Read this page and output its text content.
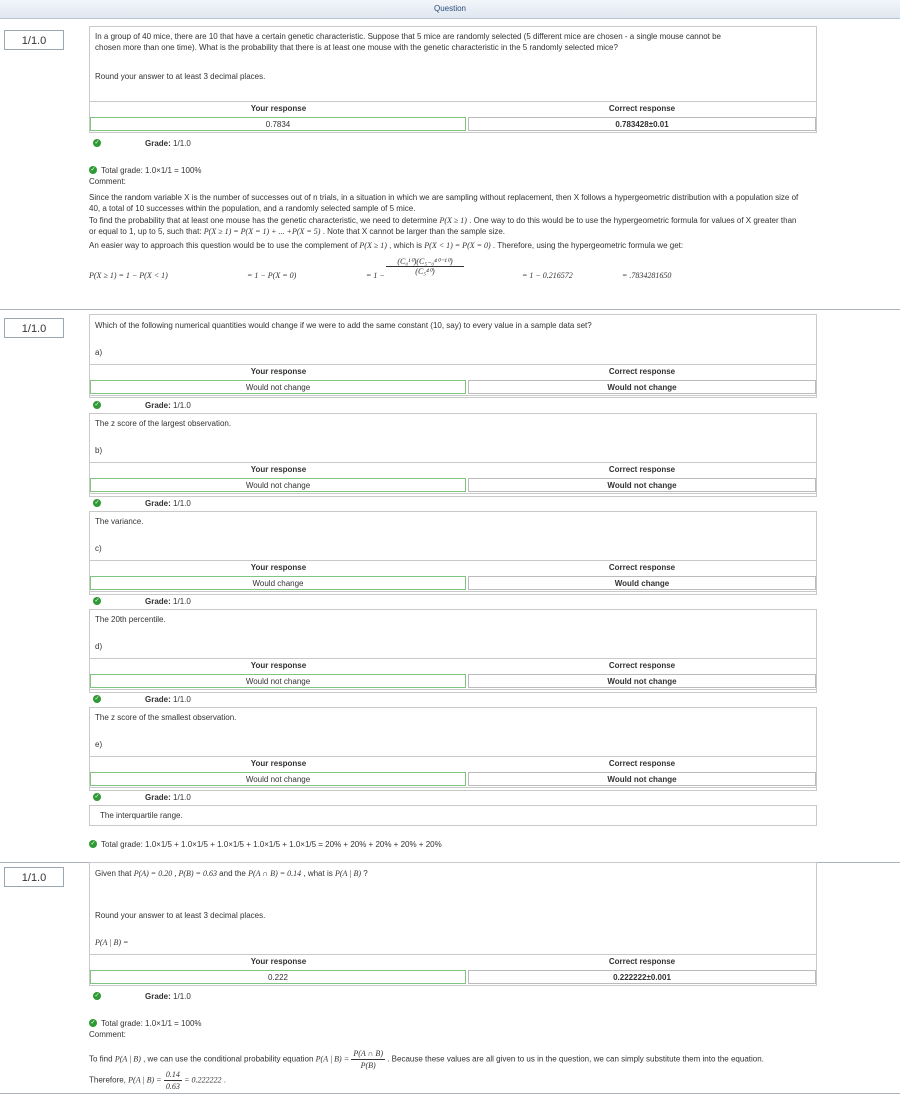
Question
1/1.0	In a group of 40 mice, there are 10 that have a certain genetic characteristic. Suppose that 5 mice are randomly selected (5 different mice are chosen - a single mouse cannot be
chosen more than one time). What is the probability that there is at least one mouse with the genetic characteristic in the 5 randomly selected mice?
Round your answer to at least 3 decimal places.
Your response	Correct response
0.7834	0.783428±0.01
✓	Grade: 1/1.0
✓ Total grade: 1.0×1/1 = 100%
Comment:
Since the random variable X is the number of successes out of n trials, in a situation in which we are sampling without replacement, then X follows a hypergeometric distribution with a population size of
40, a total of 10 successes within the population, and a randomly selected sample of 5 mice.
To find the probability that at least one mouse has the genetic characteristic, we need to determine P(X ≥ 1) . One way to do this would be to use the hypergeometric formula for values of X greater than
or equal to 1, up to 5, such that: P(X ≥ 1) = P(X = 1) + ... +P(X = 5) . Note that X cannot be larger than the sample size.
An easier way to approach this question would be to use the complement of P(X ≥ 1) , which is P(X < 1) = P(X = 0) . Therefore, using the hypergeometric formula we get:
P(X ≥ 1) = 1 − P(X < 1)	= 1 − P(X = 0)	= $1 - \frac{\text{(C₀¹⁰)(C₅₋₀⁴⁰⁻¹⁰)}}{\text{(C₅⁴⁰)}}$	= 1 − 0.216572	= .7834281650
1/1.0	Which of the following numerical quantities would change if we were to add the same constant (10, say) to every value in a sample data set?
a)
Your response	Correct response
Would not change	Would not change
✓	Grade: 1/1.0
The z score of the largest observation.
b)
Your response	Correct response
Would not change	Would not change
✓	Grade: 1/1.0
The variance.
c)
Your response	Correct response
Would change	Would change
✓	Grade: 1/1.0
The 20th percentile.
d)
Your response	Correct response
Would not change	Would not change
✓	Grade: 1/1.0
The z score of the smallest observation.
e)
Your response	Correct response
Would not change	Would not change
✓	Grade: 1/1.0
The interquartile range.
✓ Total grade: 1.0×1/5 + 1.0×1/5 + 1.0×1/5 + 1.0×1/5 + 1.0×1/5 = 20% + 20% + 20% + 20% + 20%
1/1.0	Given that P(A) = 0.20 , P(B) = 0.63 and the P(A ∩ B) = 0.14 , what is P(A | B) ?
Round your answer to at least 3 decimal places.
P(A | B) =
Your response	Correct response
0.222	0.222222±0.001
✓	Grade: 1/1.0
✓ Total grade: 1.0×1/1 = 100%
Comment:
To find P(A | B) , we can use the conditional probability equation P(A | $B) = \frac{P(A \cap B)}{P(B)}$ . Because these values are all given to us in the question, we can simply substitute them into the equation.
Therefore, P(A | $B) = \frac{0.14}{0.63} = 0.222222$ .
